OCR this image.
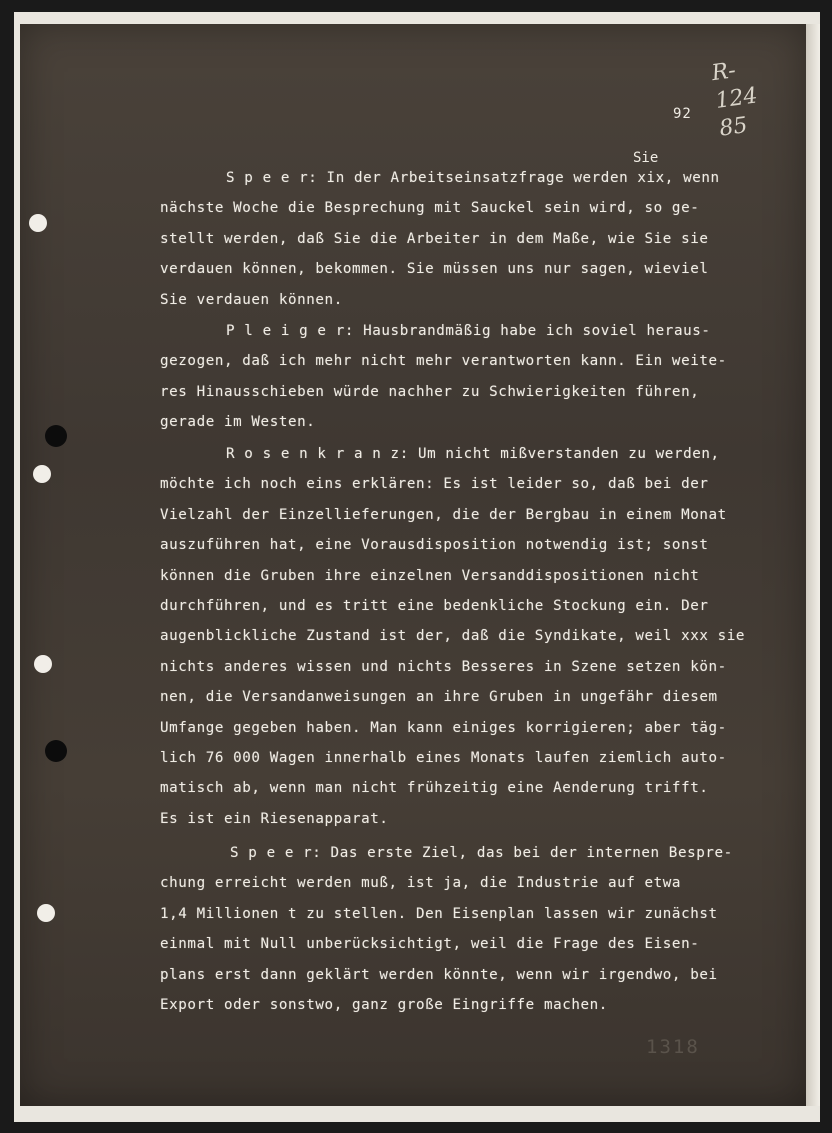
R-124
85
92
Sie
S p e e r: In der Arbeitseinsatzfrage werden xix, wenn
nächste Woche die Besprechung mit Sauckel sein wird, so ge-
stellt werden, daß Sie die Arbeiter in dem Maße, wie Sie sie
verdauen können, bekommen. Sie müssen uns nur sagen, wieviel
Sie verdauen können.
P l e i g e r: Hausbrandmäßig habe ich soviel heraus-
gezogen, daß ich mehr nicht mehr verantworten kann. Ein weite-
res Hinausschieben würde nachher zu Schwierigkeiten führen,
gerade im Westen.
R o s e n k r a n z: Um nicht mißverstanden zu werden,
möchte ich noch eins erklären: Es ist leider so, daß bei der
Vielzahl der Einzellieferungen, die der Bergbau in einem Monat
auszuführen hat, eine Vorausdisposition notwendig ist; sonst
können die Gruben ihre einzelnen Versanddispositionen nicht
durchführen, und es tritt eine bedenkliche Stockung ein. Der
augenblickliche Zustand ist der, daß die Syndikate, weil xxx sie
nichts anderes wissen und nichts Besseres in Szene setzen kön-
nen, die Versandanweisungen an ihre Gruben in ungefähr diesem
Umfange gegeben haben. Man kann einiges korrigieren; aber täg-
lich 76 000 Wagen innerhalb eines Monats laufen ziemlich auto-
matisch ab, wenn man nicht frühzeitig eine Aenderung trifft.
Es ist ein Riesenapparat.
S p e e r: Das erste Ziel, das bei der internen Bespre-
chung erreicht werden muß, ist ja, die Industrie auf etwa
1,4 Millionen t zu stellen. Den Eisenplan lassen wir zunächst
einmal mit Null unberücksichtigt, weil die Frage des Eisen-
plans erst dann geklärt werden könnte, wenn wir irgendwo, bei
Export oder sonstwo, ganz große Eingriffe machen.
1318
